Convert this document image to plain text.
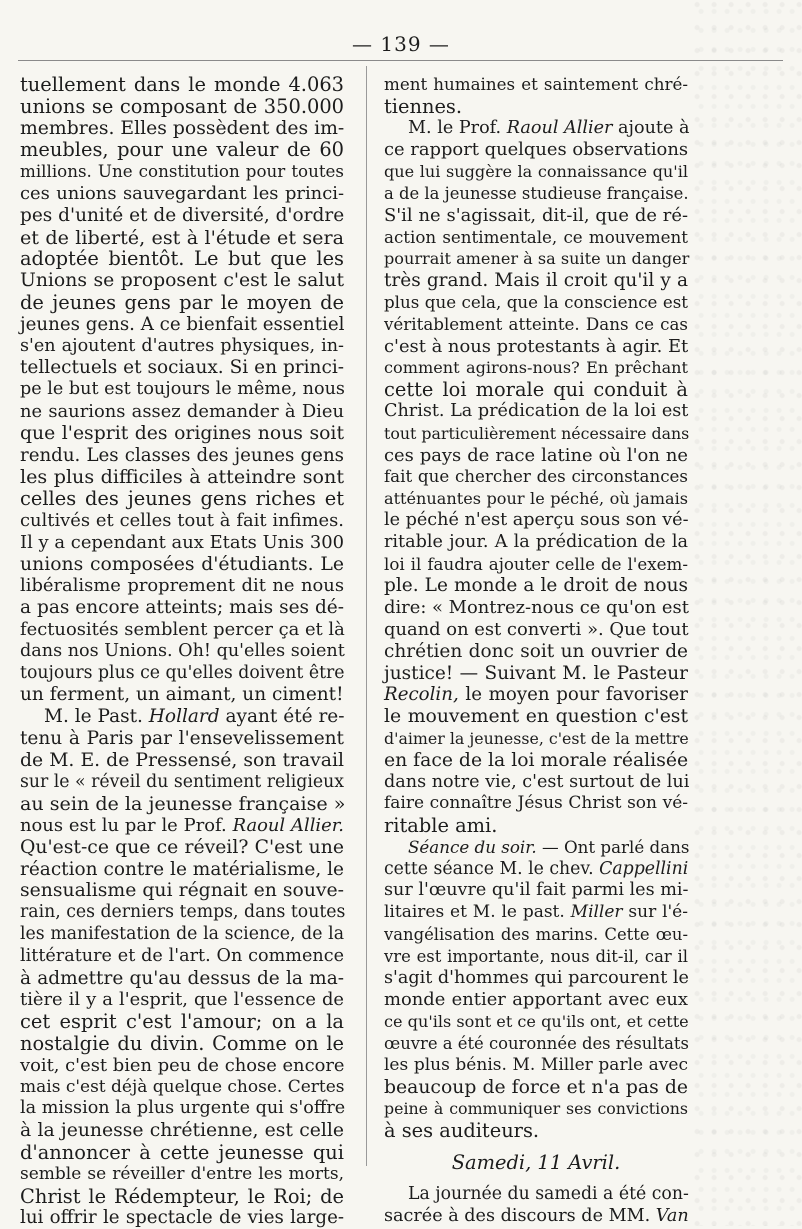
— 139 —
tuellement dans le monde 4.063
unions se composant de 350.000
membres. Elles possèdent des im-
meubles, pour une valeur de 60
millions. Une constitution pour toutes
ces unions sauvegardant les princi-
pes d'unité et de diversité, d'ordre
et de liberté, est à l'étude et sera
adoptée bientôt. Le but que les
Unions se proposent c'est le salut
de jeunes gens par le moyen de
jeunes gens. A ce bienfait essentiel
s'en ajoutent d'autres physiques, in-
tellectuels et sociaux. Si en princi-
pe le but est toujours le même, nous
ne saurions assez demander à Dieu
que l'esprit des origines nous soit
rendu. Les classes des jeunes gens
les plus difficiles à atteindre sont
celles des jeunes gens riches et
cultivés et celles tout à fait infimes.
Il y a cependant aux Etats Unis 300
unions composées d'étudiants. Le
libéralisme proprement dit ne nous
a pas encore atteints; mais ses dé-
fectuosités semblent percer ça et là
dans nos Unions. Oh! qu'elles soient
toujours plus ce qu'elles doivent être
un ferment, un aimant, un ciment!
M. le Past. Hollard ayant été re-
tenu à Paris par l'ensevelissement
de M. E. de Pressensé, son travail
sur le « réveil du sentiment religieux
au sein de la jeunesse française »
nous est lu par le Prof. Raoul Allier.
Qu'est-ce que ce réveil? C'est une
réaction contre le matérialisme, le
sensualisme qui régnait en souve-
rain, ces derniers temps, dans toutes
les manifestation de la science, de la
littérature et de l'art. On commence
à admettre qu'au dessus de la ma-
tière il y a l'esprit, que l'essence de
cet esprit c'est l'amour; on a la
nostalgie du divin. Comme on le
voit, c'est bien peu de chose encore
mais c'est déjà quelque chose. Certes
la mission la plus urgente qui s'offre
à la jeunesse chrétienne, est celle
d'annoncer à cette jeunesse qui
semble se réveiller d'entre les morts,
Christ le Rédempteur, le Roi; de
lui offrir le spectacle de vies large-
ment humaines et saintement chré-
tiennes.
M. le Prof. Raoul Allier ajoute à
ce rapport quelques observations
que lui suggère la connaissance qu'il
a de la jeunesse studieuse française.
S'il ne s'agissait, dit-il, que de ré-
action sentimentale, ce mouvement
pourrait amener à sa suite un danger
très grand. Mais il croit qu'il y a
plus que cela, que la conscience est
véritablement atteinte. Dans ce cas
c'est à nous protestants à agir. Et
comment agirons-nous? En prêchant
cette loi morale qui conduit à
Christ. La prédication de la loi est
tout particulièrement nécessaire dans
ces pays de race latine où l'on ne
fait que chercher des circonstances
atténuantes pour le péché, où jamais
le péché n'est aperçu sous son vé-
ritable jour. A la prédication de la
loi il faudra ajouter celle de l'exem-
ple. Le monde a le droit de nous
dire: « Montrez-nous ce qu'on est
quand on est converti ». Que tout
chrétien donc soit un ouvrier de
justice! — Suivant M. le Pasteur
Recolin, le moyen pour favoriser
le mouvement en question c'est
d'aimer la jeunesse, c'est de la mettre
en face de la loi morale réalisée
dans notre vie, c'est surtout de lui
faire connaître Jésus Christ son vé-
ritable ami.
Séance du soir. — Ont parlé dans
cette séance M. le chev. Cappellini
sur l'œuvre qu'il fait parmi les mi-
litaires et M. le past. Miller sur l'é-
vangélisation des marins. Cette œu-
vre est importante, nous dit-il, car il
s'agit d'hommes qui parcourent le
monde entier apportant avec eux
ce qu'ils sont et ce qu'ils ont, et cette
œuvre a été couronnée des résultats
les plus bénis. M. Miller parle avec
beaucoup de force et n'a pas de
peine à communiquer ses convictions
à ses auditeurs.
Samedi, 11 Avril.
La journée du samedi a été con-
sacrée à des discours de MM. Van
